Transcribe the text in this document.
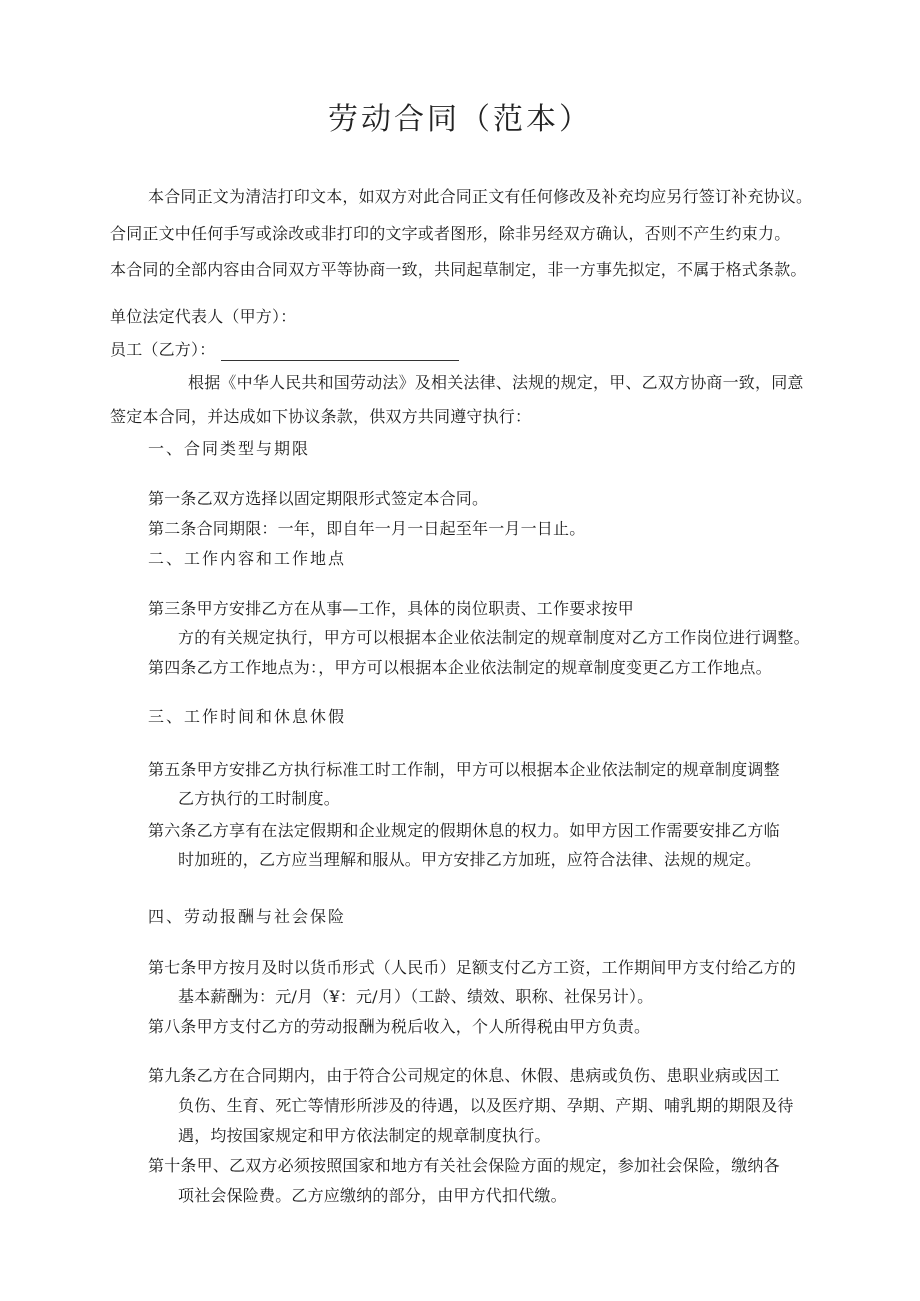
劳动合同（范本）
本合同正文为清洁打印文本，如双方对此合同正文有任何修改及补充均应另行签订补充协议。
合同正文中任何手写或涂改或非打印的文字或者图形，除非另经双方确认，否则不产生约束力。
本合同的全部内容由合同双方平等协商一致，共同起草制定，非一方事先拟定，不属于格式条款。
单位法定代表人（甲方）：
员工（乙方）：
根据《中华人民共和国劳动法》及相关法律、法规的规定，甲、乙双方协商一致，同意
签定本合同，并达成如下协议条款，供双方共同遵守执行：
一、合同类型与期限
第一条乙双方选择以固定期限形式签定本合同。
第二条合同期限：一年，即自年一月一日起至年一月一日止。
二、工作内容和工作地点
第三条甲方安排乙方在从事—工作，具体的岗位职责、工作要求按甲
方的有关规定执行，甲方可以根据本企业依法制定的规章制度对乙方工作岗位进行调整。
第四条乙方工作地点为：，甲方可以根据本企业依法制定的规章制度变更乙方工作地点。
三、工作时间和休息休假
第五条甲方安排乙方执行标准工时工作制，甲方可以根据本企业依法制定的规章制度调整
乙方执行的工时制度。
第六条乙方享有在法定假期和企业规定的假期休息的权力。如甲方因工作需要安排乙方临
时加班的，乙方应当理解和服从。甲方安排乙方加班，应符合法律、法规的规定。
四、劳动报酬与社会保险
第七条甲方按月及时以货币形式（人民币）足额支付乙方工资，工作期间甲方支付给乙方的
基本薪酬为：元/月（¥：元/月）（工龄、绩效、职称、社保另计）。
第八条甲方支付乙方的劳动报酬为税后收入，个人所得税由甲方负责。
第九条乙方在合同期内，由于符合公司规定的休息、休假、患病或负伤、患职业病或因工
负伤、生育、死亡等情形所涉及的待遇，以及医疗期、孕期、产期、哺乳期的期限及待
遇，均按国家规定和甲方依法制定的规章制度执行。
第十条甲、乙双方必须按照国家和地方有关社会保险方面的规定，参加社会保险，缴纳各
项社会保险费。乙方应缴纳的部分，由甲方代扣代缴。
